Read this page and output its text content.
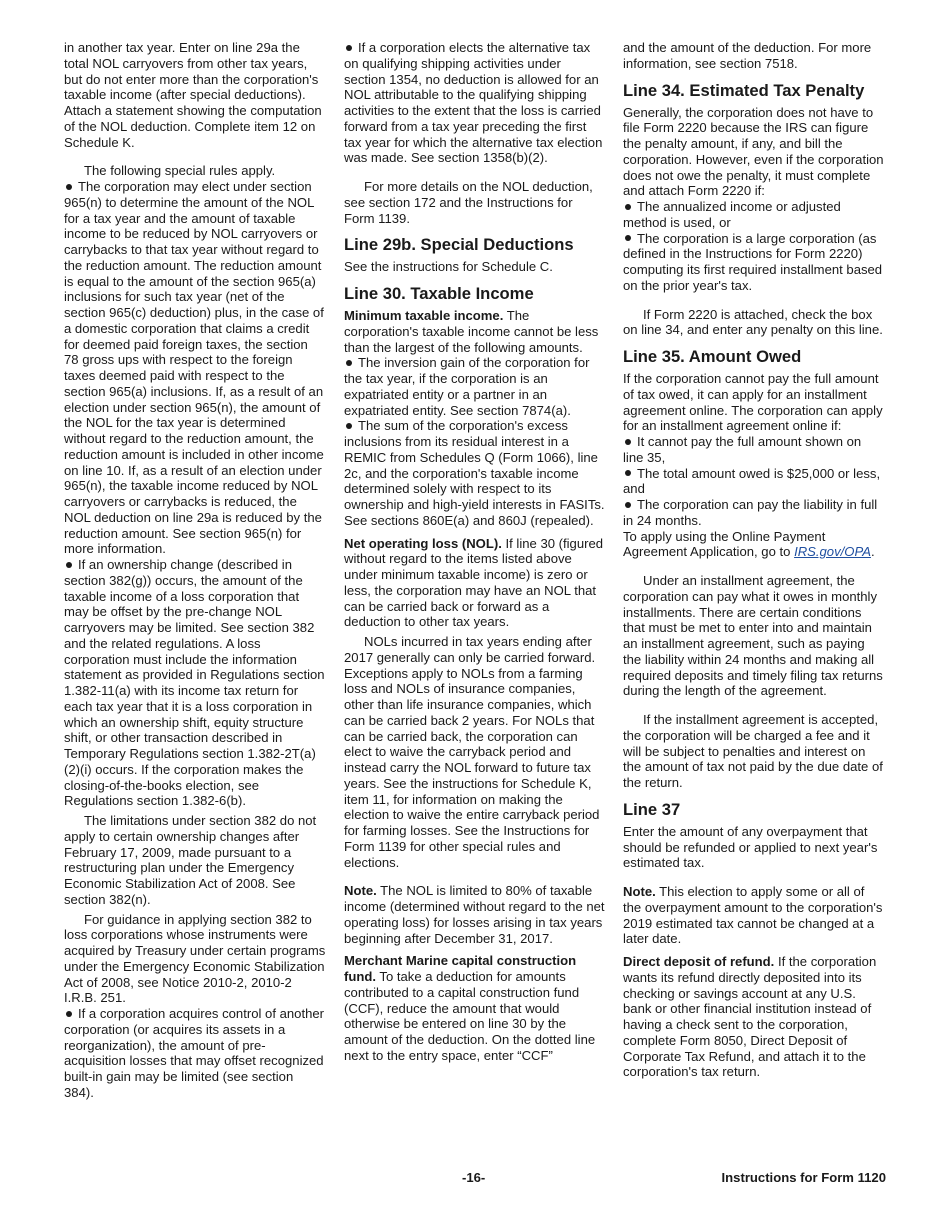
in another tax year. Enter on line 29a the total NOL carryovers from other tax years, but do not enter more than the corporation's taxable income (after special deductions). Attach a statement showing the computation of the NOL deduction. Complete item 12 on Schedule K.

The following special rules apply.

The corporation may elect under section 965(n) to determine the amount of the NOL for a tax year and the amount of taxable income to be reduced by NOL carryovers or carrybacks to that tax year without regard to the reduction amount. The reduction amount is equal to the amount of the section 965(a) inclusions for such tax year (net of the section 965(c) deduction) plus, in the case of a domestic corporation that claims a credit for deemed paid foreign taxes, the section 78 gross ups with respect to the foreign taxes deemed paid with respect to the section 965(a) inclusions. If, as a result of an election under section 965(n), the amount of the NOL for the tax year is determined without regard to the reduction amount, the reduction amount is included in other income on line 10. If, as a result of an election under 965(n), the taxable income reduced by NOL carryovers or carrybacks is reduced, the NOL deduction on line 29a is reduced by the reduction amount. See section 965(n) for more information.

If an ownership change (described in section 382(g)) occurs, the amount of the taxable income of a loss corporation that may be offset by the pre-change NOL carryovers may be limited. See section 382 and the related regulations. A loss corporation must include the information statement as provided in Regulations section 1.382-11(a) with its income tax return for each tax year that it is a loss corporation in which an ownership shift, equity structure shift, or other transaction described in Temporary Regulations section 1.382-2T(a)(2)(i) occurs. If the corporation makes the closing-of-the-books election, see Regulations section 1.382-6(b).

The limitations under section 382 do not apply to certain ownership changes after February 17, 2009, made pursuant to a restructuring plan under the Emergency Economic Stabilization Act of 2008. See section 382(n).

For guidance in applying section 382 to loss corporations whose instruments were acquired by Treasury under certain programs under the Emergency Economic Stabilization Act of 2008, see Notice 2010-2, 2010-2 I.R.B. 251.

If a corporation acquires control of another corporation (or acquires its assets in a reorganization), the amount of pre-acquisition losses that may offset recognized built-in gain may be limited (see section 384).

If a corporation elects the alternative tax on qualifying shipping activities under section 1354, no deduction is allowed for an NOL attributable to the qualifying shipping activities to the extent that the loss is carried forward from a tax year preceding the first tax year for which the alternative tax election was made. See section 1358(b)(2).

For more details on the NOL deduction, see section 172 and the Instructions for Form 1139.

Line 29b. Special Deductions

See the instructions for Schedule C.

Line 30. Taxable Income

Minimum taxable income. The corporation's taxable income cannot be less than the largest of the following amounts.

The inversion gain of the corporation for the tax year, if the corporation is an expatriated entity or a partner in an expatriated entity. See section 7874(a).

The sum of the corporation's excess inclusions from its residual interest in a REMIC from Schedules Q (Form 1066), line 2c, and the corporation's taxable income determined solely with respect to its ownership and high-yield interests in FASITs. See sections 860E(a) and 860J (repealed).

Net operating loss (NOL). If line 30 (figured without regard to the items listed above under minimum taxable income) is zero or less, the corporation may have an NOL that can be carried back or forward as a deduction to other tax years.

NOLs incurred in tax years ending after 2017 generally can only be carried forward. Exceptions apply to NOLs from a farming loss and NOLs of insurance companies, other than life insurance companies, which can be carried back 2 years. For NOLs that can be carried back, the corporation can elect to waive the carryback period and instead carry the NOL forward to future tax years. See the instructions for Schedule K, item 11, for information on making the election to waive the entire carryback period for farming losses. See the Instructions for Form 1139 for other special rules and elections.

Note. The NOL is limited to 80% of taxable income (determined without regard to the net operating loss) for losses arising in tax years beginning after December 31, 2017.

Merchant Marine capital construction fund. To take a deduction for amounts contributed to a capital construction fund (CCF), reduce the amount that would otherwise be entered on line 30 by the amount of the deduction. On the dotted line next to the entry space, enter “CCF”

and the amount of the deduction. For more information, see section 7518.

Line 34. Estimated Tax Penalty

Generally, the corporation does not have to file Form 2220 because the IRS can figure the penalty amount, if any, and bill the corporation. However, even if the corporation does not owe the penalty, it must complete and attach Form 2220 if:

The annualized income or adjusted method is used, or

The corporation is a large corporation (as defined in the Instructions for Form 2220) computing its first required installment based on the prior year's tax.

If Form 2220 is attached, check the box on line 34, and enter any penalty on this line.

Line 35. Amount Owed

If the corporation cannot pay the full amount of tax owed, it can apply for an installment agreement online. The corporation can apply for an installment agreement online if:

It cannot pay the full amount shown on line 35,

The total amount owed is $25,000 or less, and

The corporation can pay the liability in full in 24 months.

To apply using the Online Payment Agreement Application, go to IRS.gov/OPA.

Under an installment agreement, the corporation can pay what it owes in monthly installments. There are certain conditions that must be met to enter into and maintain an installment agreement, such as paying the liability within 24 months and making all required deposits and timely filing tax returns during the length of the agreement.

If the installment agreement is accepted, the corporation will be charged a fee and it will be subject to penalties and interest on the amount of tax not paid by the due date of the return.

Line 37

Enter the amount of any overpayment that should be refunded or applied to next year's estimated tax.

Note. This election to apply some or all of the overpayment amount to the corporation's 2019 estimated tax cannot be changed at a later date.

Direct deposit of refund. If the corporation wants its refund directly deposited into its checking or savings account at any U.S. bank or other financial institution instead of having a check sent to the corporation, complete Form 8050, Direct Deposit of Corporate Tax Refund, and attach it to the corporation's tax return.

-16-	Instructions for Form 1120
